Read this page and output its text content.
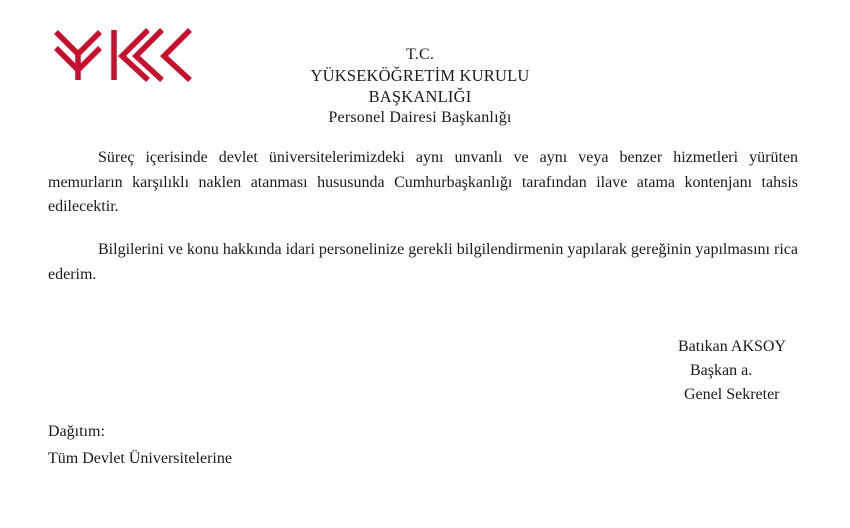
T.C.
YÜKSEKÖĞRETİM KURULU BAŞKANLIĞI
Personel Dairesi Başkanlığı

Süreç içerisinde devlet üniversitelerimizdeki aynı unvanlı ve aynı veya benzer hizmetleri yürüten memurların karşılıklı naklen atanması hususunda Cumhurbaşkanlığı tarafından ilave atama kontenjanı tahsis edilecektir.

Bilgilerini ve konu hakkında idari personelinize gerekli bilgilendirmenin yapılarak gereğinin yapılmasını rica ederim.

Batıkan AKSOY
Başkan a.
Genel Sekreter
Dağıtım:
Tüm Devlet Üniversitelerine
